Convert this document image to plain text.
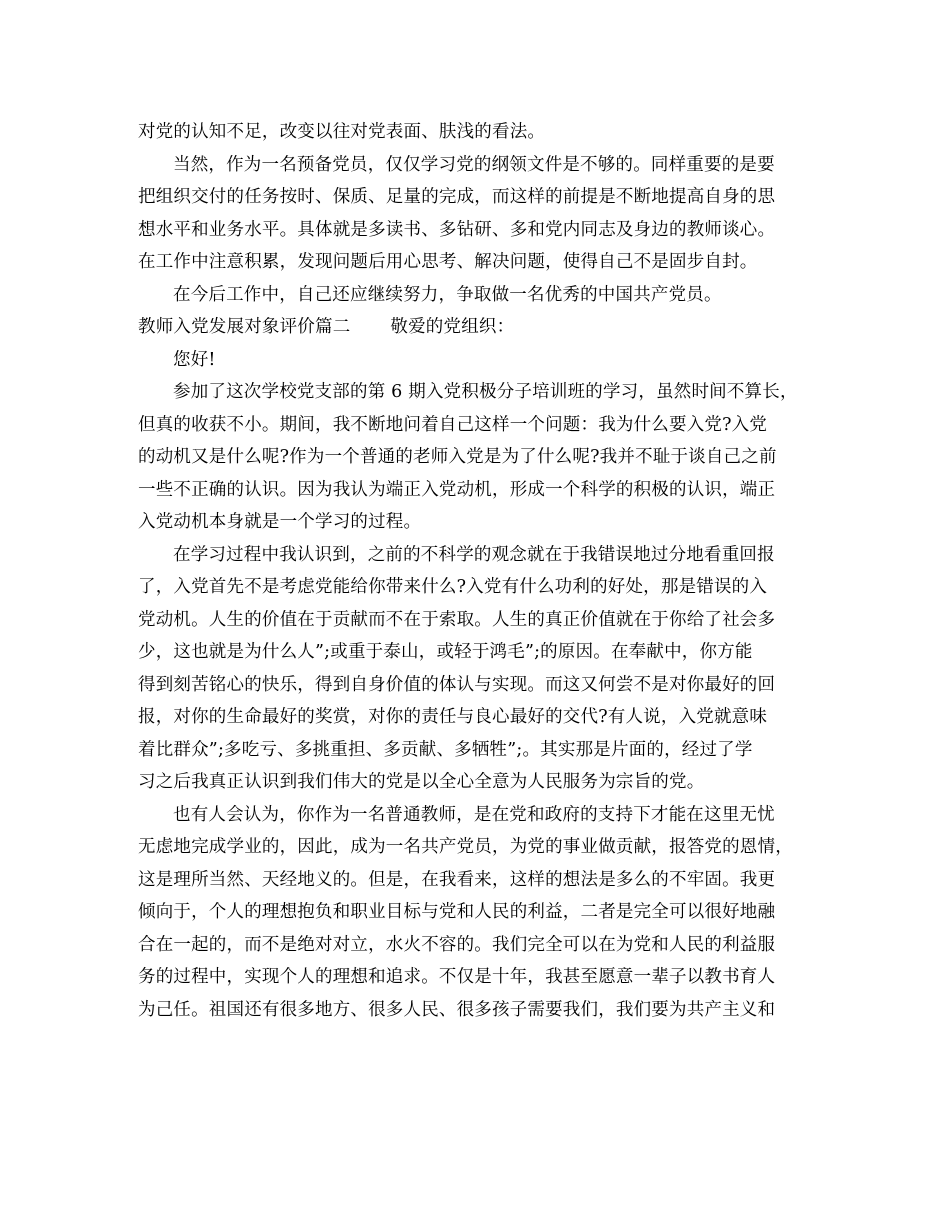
对党的认知不足，改变以往对党表面、肤浅的看法。
当然，作为一名预备党员，仅仅学习党的纲领文件是不够的。同样重要的是要
把组织交付的任务按时、保质、足量的完成，而这样的前提是不断地提高自身的思
想水平和业务水平。具体就是多读书、多钻研、多和党内同志及身边的教师谈心。
在工作中注意积累，发现问题后用心思考、解决问题，使得自己不是固步自封。
在今后工作中，自己还应继续努力，争取做一名优秀的中国共产党员。
教师入党发展对象评价篇二 敬爱的党组织：
您好!
参加了这次学校党支部的第 6 期入党积极分子培训班的学习，虽然时间不算长，
但真的收获不小。期间，我不断地问着自己这样一个问题：我为什么要入党?入党
的动机又是什么呢?作为一个普通的老师入党是为了什么呢?我并不耻于谈自己之前
一些不正确的认识。因为我认为端正入党动机，形成一个科学的积极的认识，端正
入党动机本身就是一个学习的过程。
在学习过程中我认识到，之前的不科学的观念就在于我错误地过分地看重回报
了，入党首先不是考虑党能给你带来什么?入党有什么功利的好处，那是错误的入
党动机。人生的价值在于贡献而不在于索取。人生的真正价值就在于你给了社会多
少，这也就是为什么人”;或重于泰山，或轻于鸿毛”;的原因。在奉献中，你方能
得到刻苦铭心的快乐，得到自身价值的体认与实现。而这又何尝不是对你最好的回
报，对你的生命最好的奖赏，对你的责任与良心最好的交代?有人说，入党就意味
着比群众”;多吃亏、多挑重担、多贡献、多牺牲”;。其实那是片面的，经过了学
习之后我真正认识到我们伟大的党是以全心全意为人民服务为宗旨的党。
也有人会认为，你作为一名普通教师，是在党和政府的支持下才能在这里无忧
无虑地完成学业的，因此，成为一名共产党员，为党的事业做贡献，报答党的恩情，
这是理所当然、天经地义的。但是，在我看来，这样的想法是多么的不牢固。我更
倾向于，个人的理想抱负和职业目标与党和人民的利益，二者是完全可以很好地融
合在一起的，而不是绝对对立，水火不容的。我们完全可以在为党和人民的利益服
务的过程中，实现个人的理想和追求。不仅是十年，我甚至愿意一辈子以教书育人
为己任。祖国还有很多地方、很多人民、很多孩子需要我们，我们要为共产主义和
